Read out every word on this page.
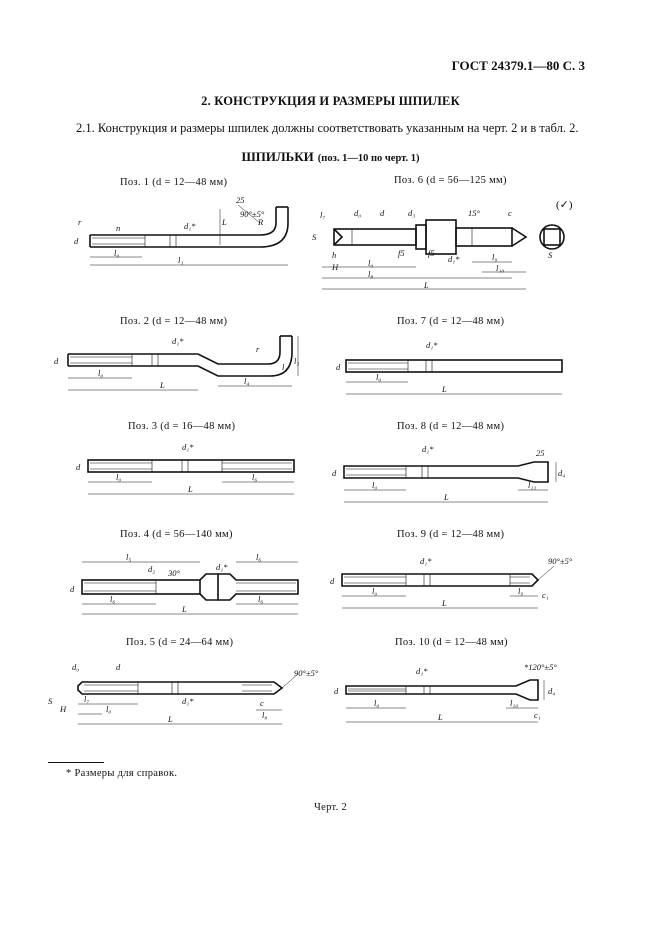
ГОСТ 24379.1—80 С. 3
2. КОНСТРУКЦИЯ И РАЗМЕРЫ ШПИЛЕК
2.1. Конструкция и размеры шпилек должны соответствовать указанным на черт. 2 и в табл. 2.
ШПИЛЬКИ (поз. 1—10 по черт. 1)
Поз. 1 (d = 12—48 мм)	Поз. 6 (d = 56—125 мм)
Поз. 2 (d = 12—48 мм)	Поз. 7 (d = 12—48 мм)
Поз. 3 (d = 16—48 мм)	Поз. 8 (d = 12—48 мм)
Поз. 4 (d = 56—140 мм)	Поз. 9 (d = 12—48 мм)
Поз. 5 (d = 24—64 мм)	Поз. 10 (d = 12—48 мм)
d
r
n	d₁*	L	R
25
90°±5°
l₀
l₁
l₇	d₀ d	d₃	15°	c
S
h
H
f5	f5
d₁*
l₀
l₉
l₈
l₁₀
L
S
(✓)
d
d₁*
r
l₃
l₂
l₀
l₄
L
d
d₁*
l₀
L
d
d₁*
l₀	l₆
L
d
d₁*	25
d₄
l₀	l₁₁
L
l₅	l₆
d
d₂ 30°
d₁*
l₆	l₆
L
d
d₁*	90°±5°
l₀	l₉
L
c₁
d₀	d
S
H
l₇
l₀
d₁*
90°±5°
c
l₈
L
d₁*	*120°±5°
d	d₄
l₀	l₁₀
c₁
L
* Размеры для справок.
Черт. 2
